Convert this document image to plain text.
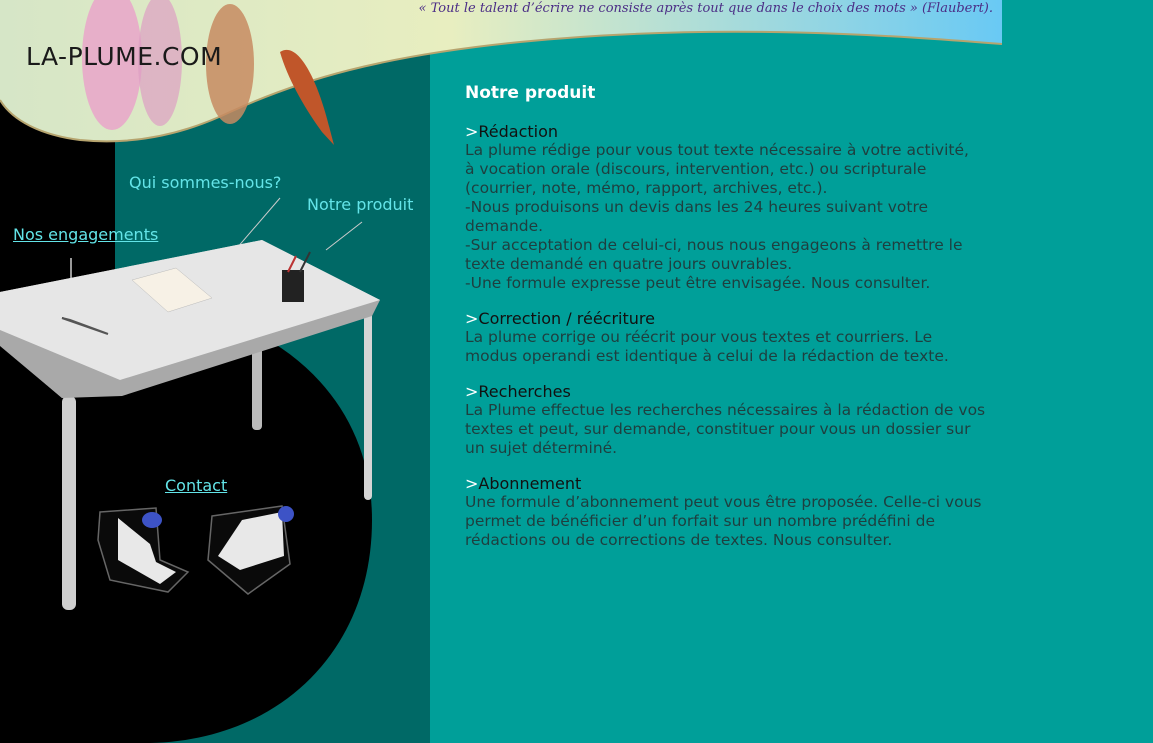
« Tout le talent d’écrire ne consiste après tout que dans le choix des mots » (Flaubert).
LA-PLUME.COM
Qui sommes-nous?
Notre produit
Nos engagements
Contact
Notre produit
>Rédaction

La plume rédige pour vous tout texte nécessaire à votre activité,
à vocation orale (discours, intervention, etc.) ou scripturale
(courrier, note, mémo, rapport, archives, etc.).
-Nous produisons un devis dans les 24 heures suivant votre
demande.
-Sur acceptation de celui-ci, nous nous engageons à remettre le
texte demandé en quatre jours ouvrables.
-Une formule expresse peut être envisagée. Nous consulter.

>Correction / réécriture

La plume corrige ou réécrit pour vous textes et courriers. Le
modus operandi est identique à celui de la rédaction de texte.

>Recherches

La Plume effectue les recherches nécessaires à la rédaction de vos
textes et peut, sur demande, constituer pour vous un dossier sur
un sujet déterminé.

>Abonnement

Une formule d’abonnement peut vous être proposée. Celle-ci vous
permet de bénéficier d’un forfait sur un nombre prédéfini de
rédactions ou de corrections de textes. Nous consulter.
